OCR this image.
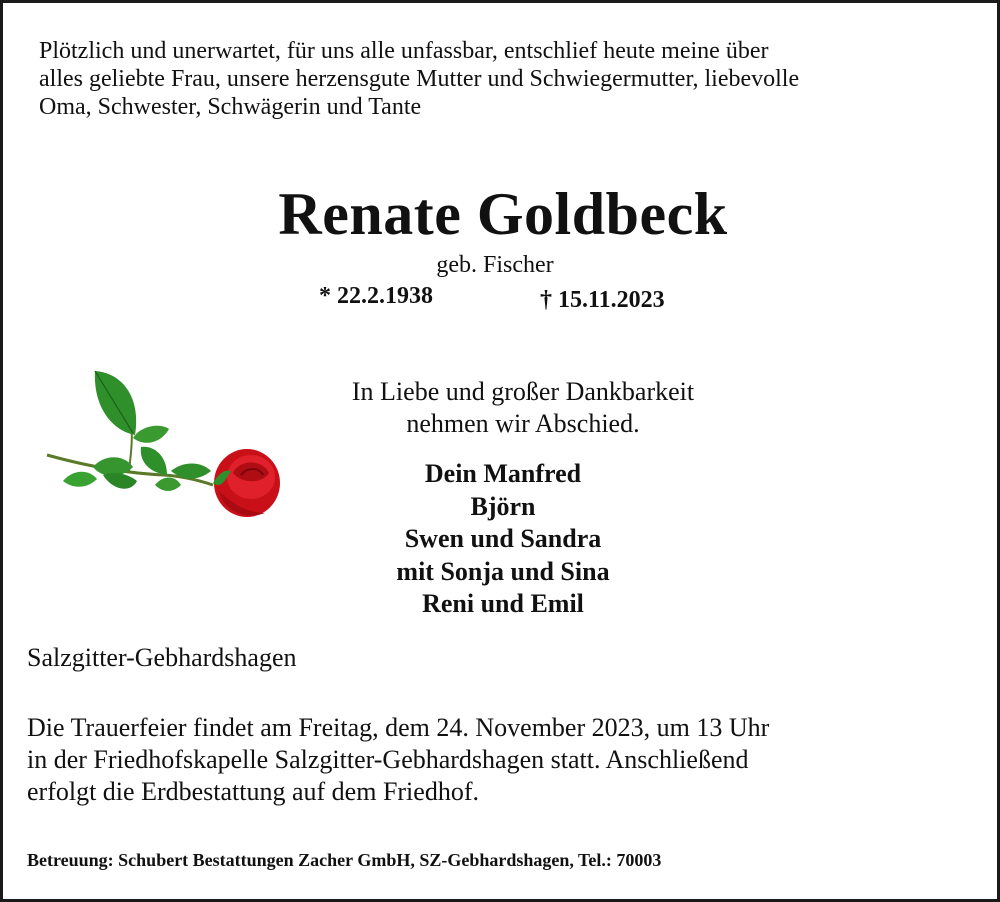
Plötzlich und unerwartet, für uns alle unfassbar, entschlief heute meine über
alles geliebte Frau, unsere herzensgute Mutter und Schwiegermutter, liebevolle
Oma, Schwester, Schwägerin und Tante
Renate Goldbeck
geb. Fischer
* 22.2.1938	† 15.11.2023
In Liebe und großer Dankbarkeit
nehmen wir Abschied.
Dein Manfred
Björn
Swen und Sandra
mit Sonja und Sina
Reni und Emil
Salzgitter-Gebhardshagen
Die Trauerfeier findet am Freitag, dem 24. November 2023, um 13 Uhr
in der Friedhofskapelle Salzgitter-Gebhardshagen statt. Anschließend
erfolgt die Erdbestattung auf dem Friedhof.
Betreuung: Schubert Bestattungen Zacher GmbH, SZ-Gebhardshagen, Tel.: 70003
